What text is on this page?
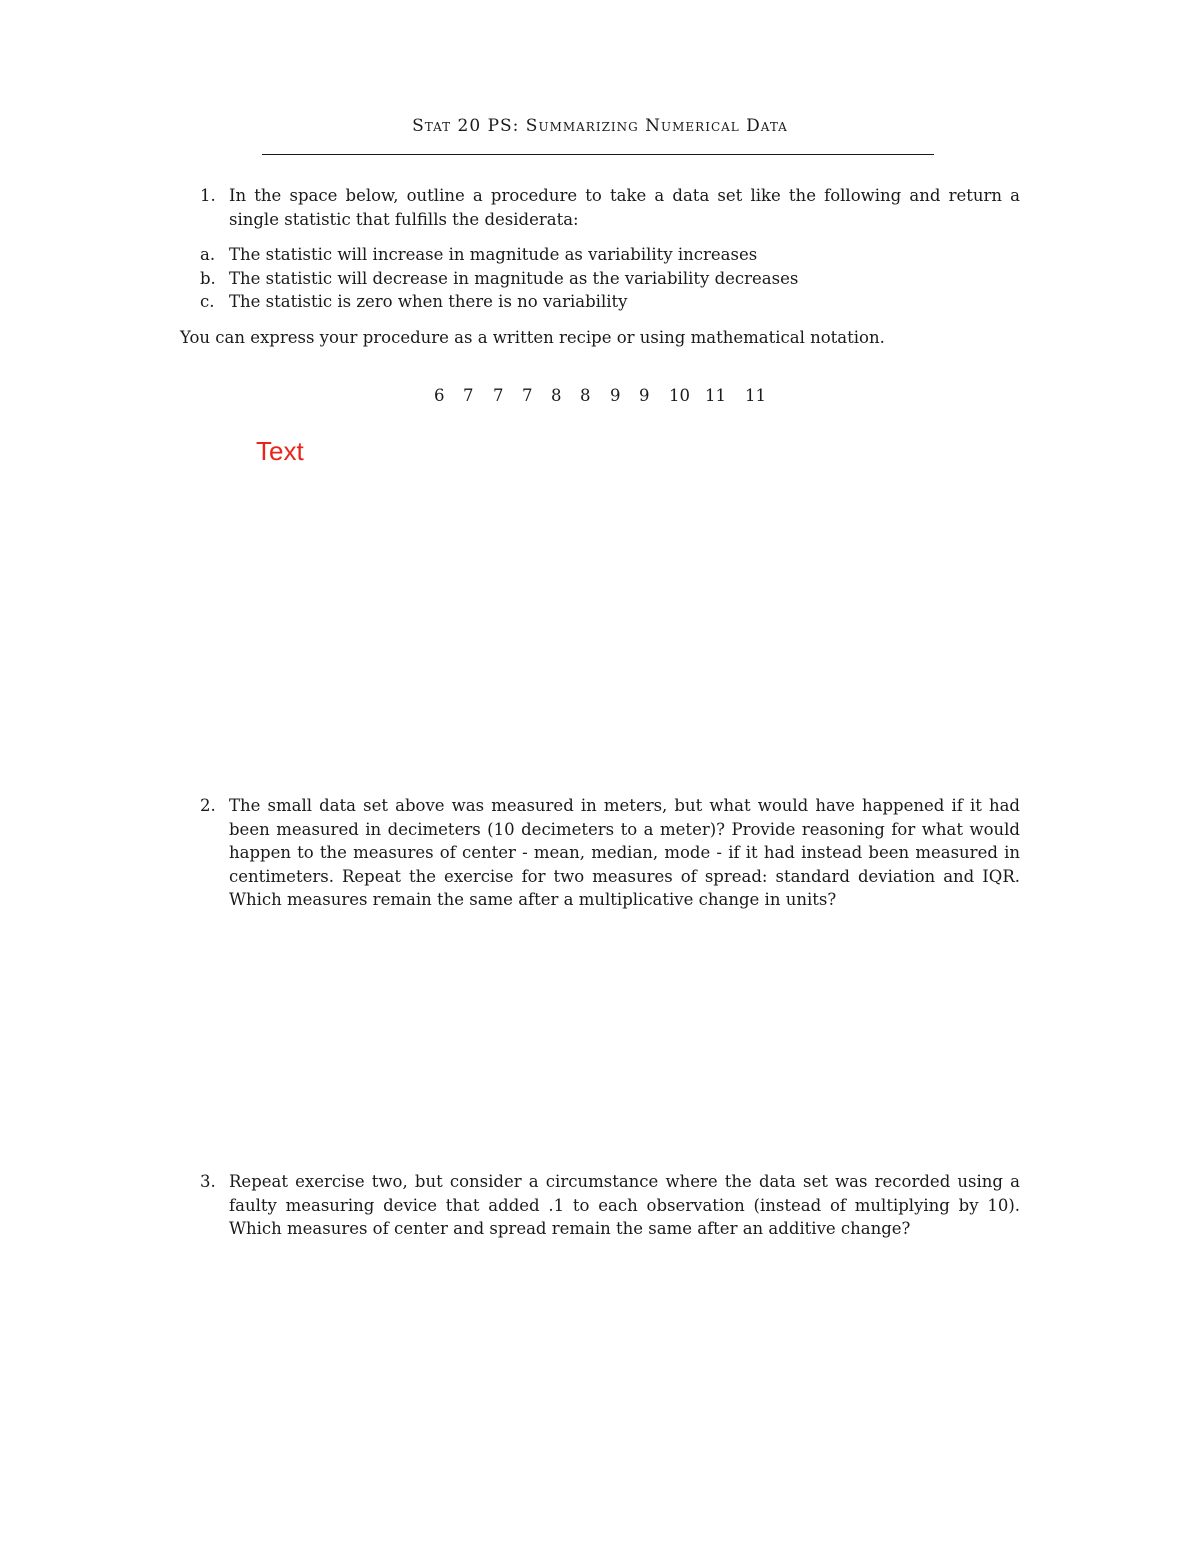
Stat 20 PS: Summarizing Numerical Data
1. In the space below, outline a procedure to take a data set like the following and return a single statistic that fulfills the desiderata:
a. The statistic will increase in magnitude as variability increases
b. The statistic will decrease in magnitude as the variability decreases
c. The statistic is zero when there is no variability
You can express your procedure as a written recipe or using mathematical notation.
6 7 7 7 8 8 9 9 10 11 11
Text
2. The small data set above was measured in meters, but what would have happened if it had been measured in decimeters (10 decimeters to a meter)? Provide reasoning for what would happen to the measures of center - mean, median, mode - if it had instead been measured in centimeters. Repeat the exercise for two measures of spread: standard deviation and IQR. Which measures remain the same after a multiplicative change in units?
3. Repeat exercise two, but consider a circumstance where the data set was recorded using a faulty measuring device that added .1 to each observation (instead of multiplying by 10). Which measures of center and spread remain the same after an additive change?
